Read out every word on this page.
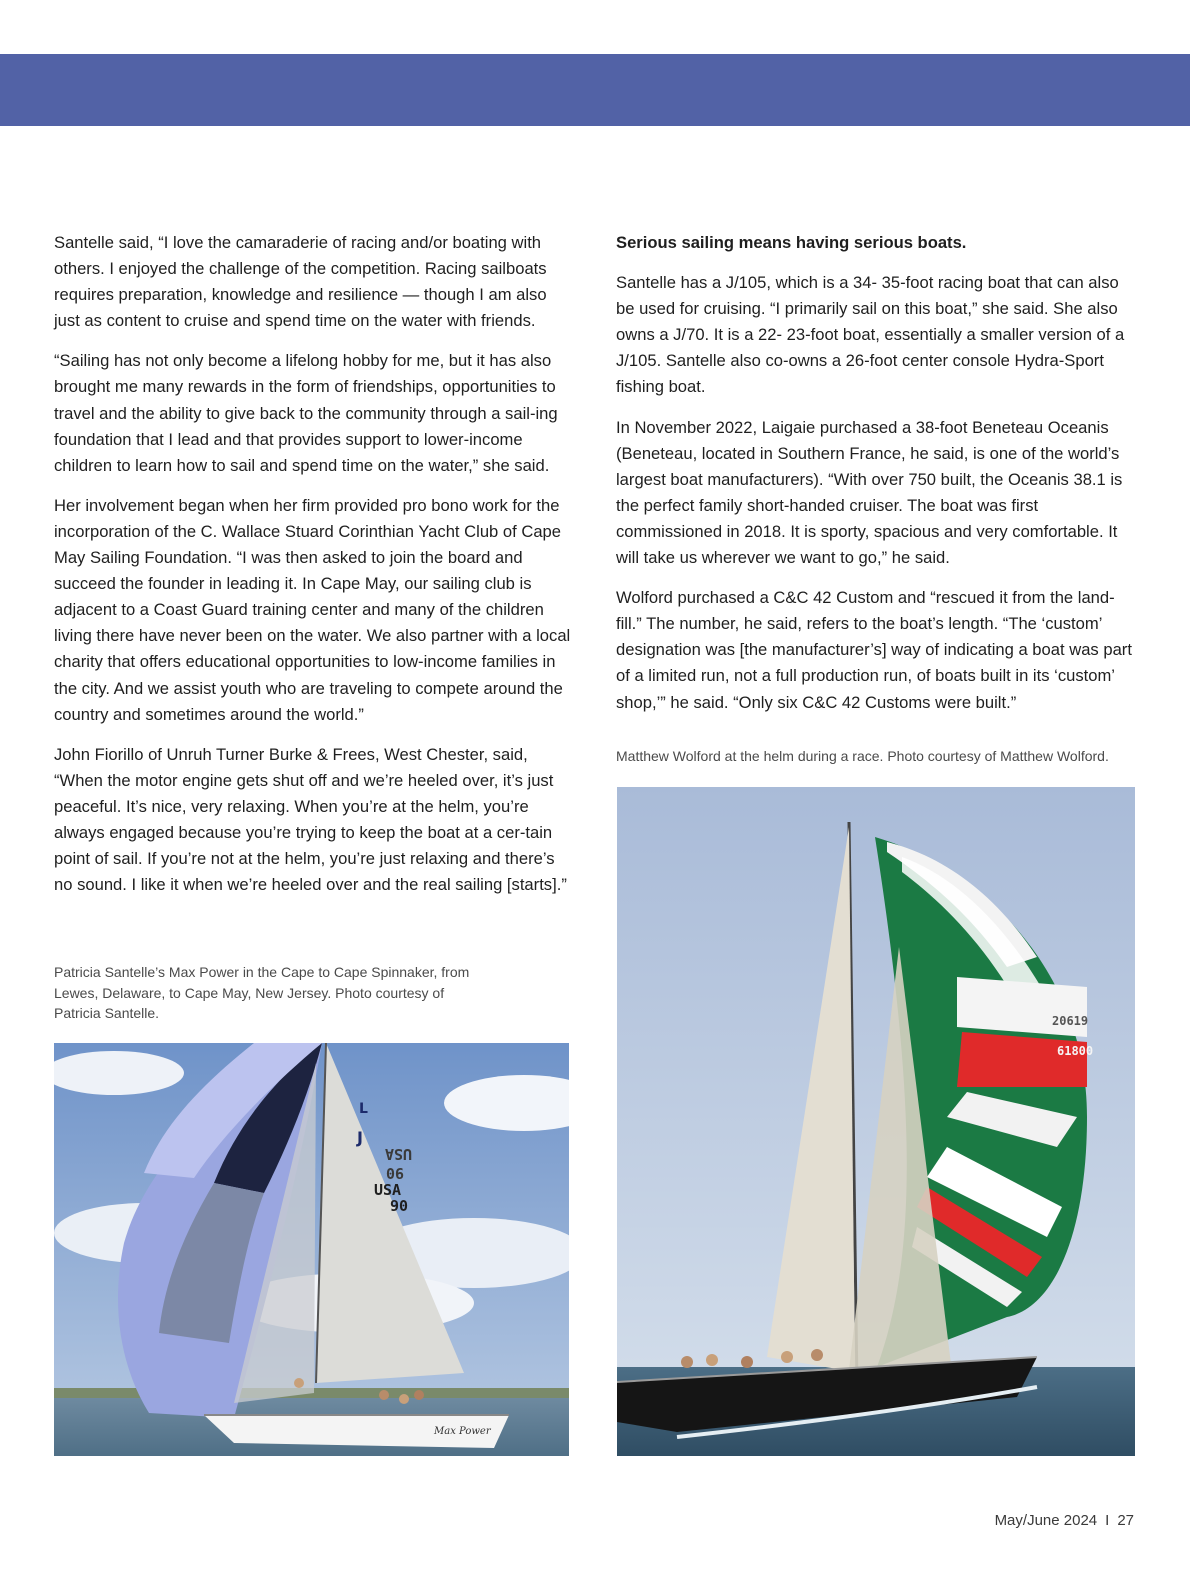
Santelle said, “I love the camaraderie of racing and/or boating with others. I enjoyed the challenge of the competition. Racing sailboats requires preparation, knowledge and resilience — though I am also just as content to cruise and spend time on the water with friends.

“Sailing has not only become a lifelong hobby for me, but it has also brought me many rewards in the form of friendships, opportunities to travel and the ability to give back to the community through a sail-ing foundation that I lead and that provides support to lower-income children to learn how to sail and spend time on the water,” she said.

Her involvement began when her firm provided pro bono work for the incorporation of the C. Wallace Stuard Corinthian Yacht Club of Cape May Sailing Foundation. “I was then asked to join the board and succeed the founder in leading it. In Cape May, our sailing club is adjacent to a Coast Guard training center and many of the children living there have never been on the water. We also partner with a local charity that offers educational opportunities to low-income families in the city. And we assist youth who are traveling to compete around the country and sometimes around the world.”

John Fiorillo of Unruh Turner Burke & Frees, West Chester, said, “When the motor engine gets shut off and we’re heeled over, it’s just peaceful. It’s nice, very relaxing. When you’re at the helm, you’re always engaged because you’re trying to keep the boat at a cer-tain point of sail. If you’re not at the helm, you’re just relaxing and there’s no sound. I like it when we’re heeled over and the real sailing [starts].”

Serious sailing means having serious boats.

Santelle has a J/105, which is a 34- 35-foot racing boat that can also be used for cruising. “I primarily sail on this boat,” she said. She also owns a J/70. It is a 22- 23-foot boat, essentially a smaller version of a J/105. Santelle also co-owns a 26-foot center console Hydra-Sport fishing boat.

In November 2022, Laigaie purchased a 38-foot Beneteau Oceanis (Beneteau, located in Southern France, he said, is one of the world’s largest boat manufacturers). “With over 750 built, the Oceanis 38.1 is the perfect family short-handed cruiser. The boat was first commissioned in 2018. It is sporty, spacious and very comfortable. It will take us wherever we want to go,” he said.

Wolford purchased a C&C 42 Custom and “rescued it from the land-fill.” The number, he said, refers to the boat’s length. “The ‘custom’ designation was [the manufacturer’s] way of indicating a boat was part of a limited run, not a full production run, of boats built in its ‘custom’ shop,’” he said. “Only six C&C 42 Customs were built.”

Patricia Santelle’s Max Power in the Cape to Cape Spinnaker, from Lewes, Delaware, to Cape May, New Jersey. Photo courtesy of Patricia Santelle.
Matthew Wolford at the helm during a race. Photo courtesy of Matthew Wolford.
L
J
USA
90
USA
90
Max Power
20619
61800
May/June 2024 I 27
